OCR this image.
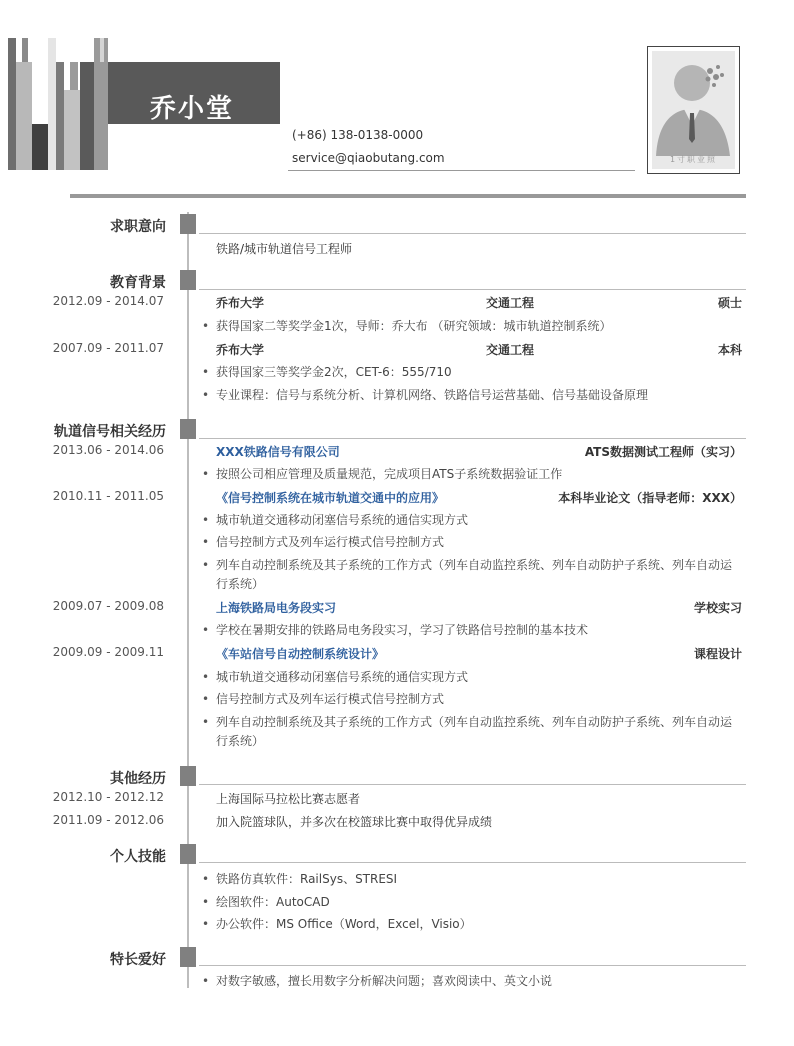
乔小堂
(+86) 138-0138-0000
service@qiaobutang.com	1寸职业照
求职意向
铁路/城市轨道信号工程师
教育背景
2012.09 - 2014.07	乔布大学	交通工程	硕士
• 获得国家二等奖学金1次，导师：乔大布 （研究领域：城市轨道控制系统）
2007.09 - 2011.07	乔布大学	交通工程	本科
• 获得国家三等奖学金2次，CET-6：555/710
• 专业课程：信号与系统分析、计算机网络、铁路信号运营基础、信号基础设备原理
轨道信号相关经历
2013.06 - 2014.06	XXX铁路信号有限公司	ATS数据测试工程师（实习）
• 按照公司相应管理及质量规范，完成项目ATS子系统数据验证工作
2010.11 - 2011.05	《信号控制系统在城市轨道交通中的应用》	本科毕业论文（指导老师：XXX）
• 城市轨道交通移动闭塞信号系统的通信实现方式
• 信号控制方式及列车运行模式信号控制方式
• 列车自动控制系统及其子系统的工作方式（列车自动监控系统、列车自动防护子系统、列车自动运行系统）
2009.07 - 2009.08	上海铁路局电务段实习	学校实习
• 学校在暑期安排的铁路局电务段实习，学习了铁路信号控制的基本技术
2009.09 - 2009.11	《车站信号自动控制系统设计》	课程设计
• 城市轨道交通移动闭塞信号系统的通信实现方式
• 信号控制方式及列车运行模式信号控制方式
• 列车自动控制系统及其子系统的工作方式（列车自动监控系统、列车自动防护子系统、列车自动运行系统）
其他经历
2012.10 - 2012.12	上海国际马拉松比赛志愿者
2011.09 - 2012.06	加入院篮球队，并多次在校篮球比赛中取得优异成绩
个人技能
• 铁路仿真软件：RailSys、STRESI
• 绘图软件：AutoCAD
• 办公软件：MS Office（Word，Excel，Visio）
特长爱好
• 对数字敏感，擅长用数字分析解决问题；喜欢阅读中、英文小说
